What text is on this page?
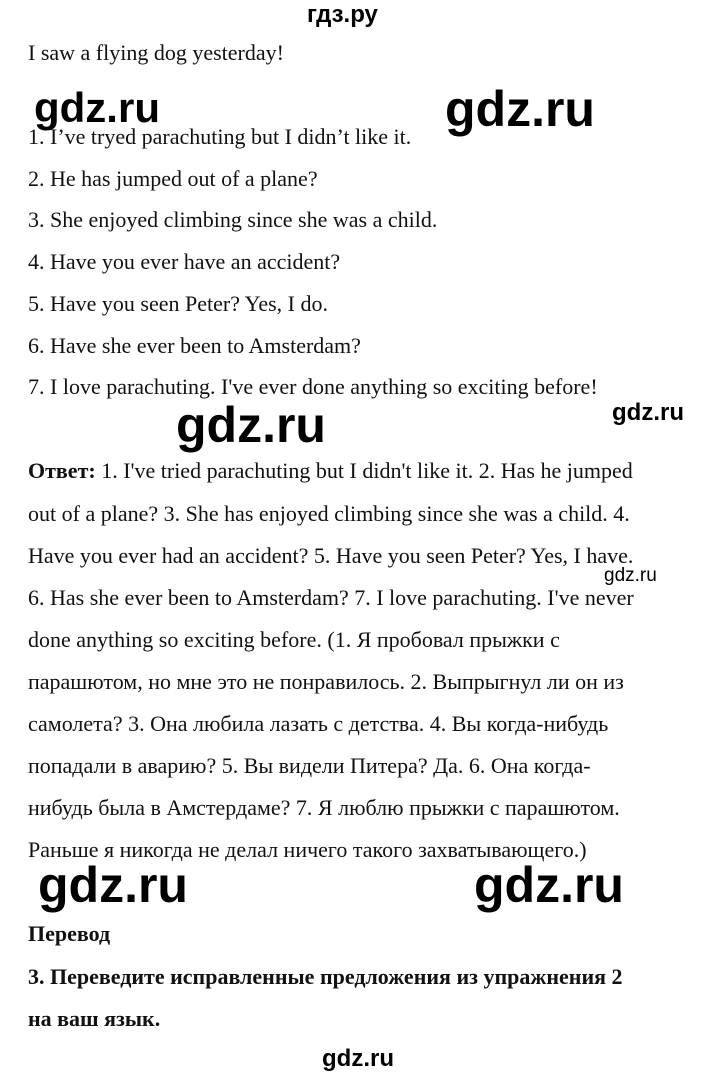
гдз.ру
I saw a flying dog yesterday!
1. I’ve tryed parachuting but I didn’t like it.
2. He has jumped out of a plane?
3. She enjoyed climbing since she was a child.
4. Have you ever have an accident?
5. Have you seen Peter? Yes, I do.
6. Have she ever been to Amsterdam?
7. I love parachuting. I've ever done anything so exciting before!
Ответ: 1. I've tried parachuting but I didn't like it. 2. Has he jumped
out of a plane? 3. She has enjoyed climbing since she was a child. 4.
Have you ever had an accident? 5. Have you seen Peter? Yes, I have.
6. Has she ever been to Amsterdam? 7. I love parachuting. I've never
done anything so exciting before. (1. Я пробовал прыжки с
парашютом, но мне это не понравилось. 2. Выпрыгнул ли он из
самолета? 3. Она любила лазать с детства. 4. Вы когда-нибудь
попадали в аварию? 5. Вы видели Питера? Да. 6. Она когда-
нибудь была в Амстердаме? 7. Я люблю прыжки с парашютом.
Раньше я никогда не делал ничего такого захватывающего.)
Перевод
3. Переведите исправленные предложения из упражнения 2
на ваш язык.
gdz.ru	gdz.ru
gdz.ru	gdz.ru
gdz.ru
gdz.ru	gdz.ru
gdz.ru
